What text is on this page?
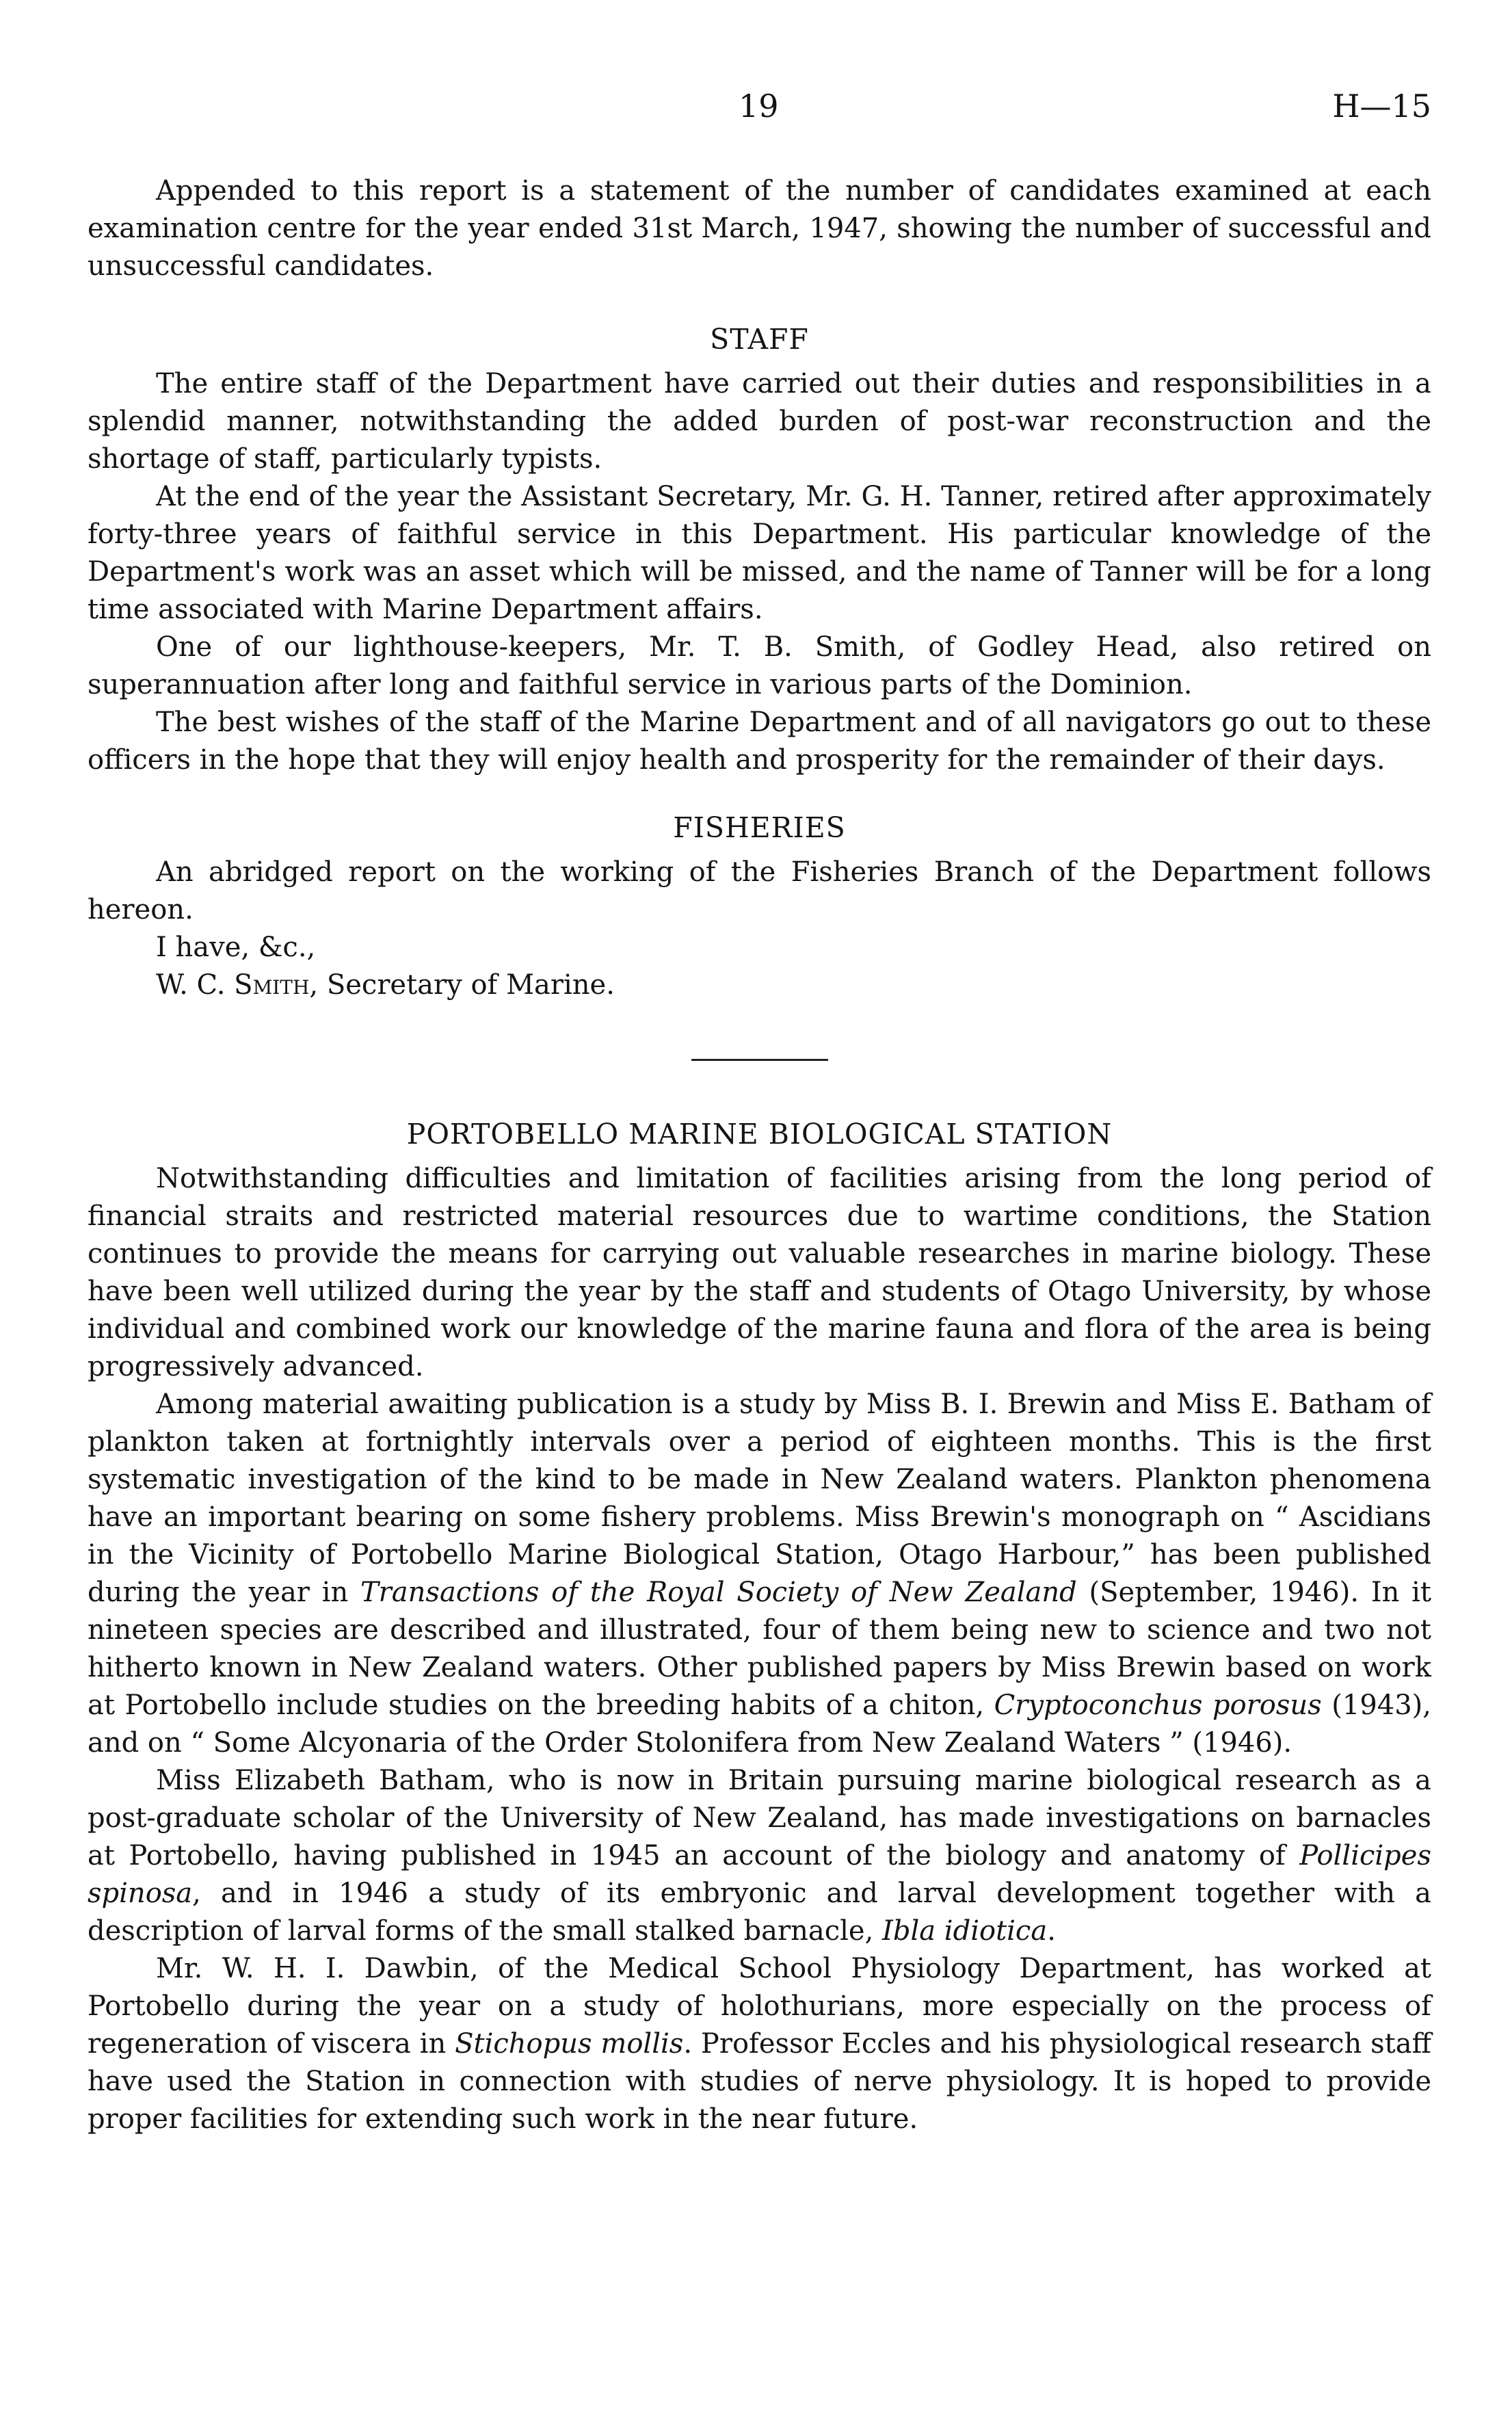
19	H—15

Appended to this report is a statement of the number of candidates examined at each examination centre for the year ended 31st March, 1947, showing the number of successful and unsuccessful candidates.

STAFF

The entire staff of the Department have carried out their duties and responsibilities in a splendid manner, notwithstanding the added burden of post-war reconstruction and the shortage of staff, particularly typists.

At the end of the year the Assistant Secretary, Mr. G. H. Tanner, retired after approximately forty-three years of faithful service in this Department. His particular knowledge of the Department's work was an asset which will be missed, and the name of Tanner will be for a long time associated with Marine Department affairs.

One of our lighthouse-keepers, Mr. T. B. Smith, of Godley Head, also retired on superannuation after long and faithful service in various parts of the Dominion.

The best wishes of the staff of the Marine Department and of all navigators go out to these officers in the hope that they will enjoy health and prosperity for the remainder of their days.

FISHERIES

An abridged report on the working of the Fisheries Branch of the Department follows hereon.

I have, &c.,

W. C. Smith, Secretary of Marine.

PORTOBELLO MARINE BIOLOGICAL STATION

Notwithstanding difficulties and limitation of facilities arising from the long period of financial straits and restricted material resources due to wartime conditions, the Station continues to provide the means for carrying out valuable researches in marine biology. These have been well utilized during the year by the staff and students of Otago University, by whose individual and combined work our knowledge of the marine fauna and flora of the area is being progressively advanced.

Among material awaiting publication is a study by Miss B. I. Brewin and Miss E. Batham of plankton taken at fortnightly intervals over a period of eighteen months. This is the first systematic investigation of the kind to be made in New Zealand waters. Plankton phenomena have an important bearing on some fishery problems. Miss Brewin's monograph on “ Ascidians in the Vicinity of Portobello Marine Biological Station, Otago Harbour,” has been published during the year in Transactions of the Royal Society of New Zealand (September, 1946). In it nineteen species are described and illustrated, four of them being new to science and two not hitherto known in New Zealand waters. Other published papers by Miss Brewin based on work at Portobello include studies on the breeding habits of a chiton, Cryptoconchus porosus (1943), and on “ Some Alcyonaria of the Order Stolonifera from New Zealand Waters ” (1946).

Miss Elizabeth Batham, who is now in Britain pursuing marine biological research as a post-graduate scholar of the University of New Zealand, has made investigations on barnacles at Portobello, having published in 1945 an account of the biology and anatomy of Pollicipes spinosa, and in 1946 a study of its embryonic and larval development together with a description of larval forms of the small stalked barnacle, Ibla idiotica.

Mr. W. H. I. Dawbin, of the Medical School Physiology Department, has worked at Portobello during the year on a study of holothurians, more especially on the process of regeneration of viscera in Stichopus mollis. Professor Eccles and his physiological research staff have used the Station in connection with studies of nerve physiology. It is hoped to provide proper facilities for extending such work in the near future.
